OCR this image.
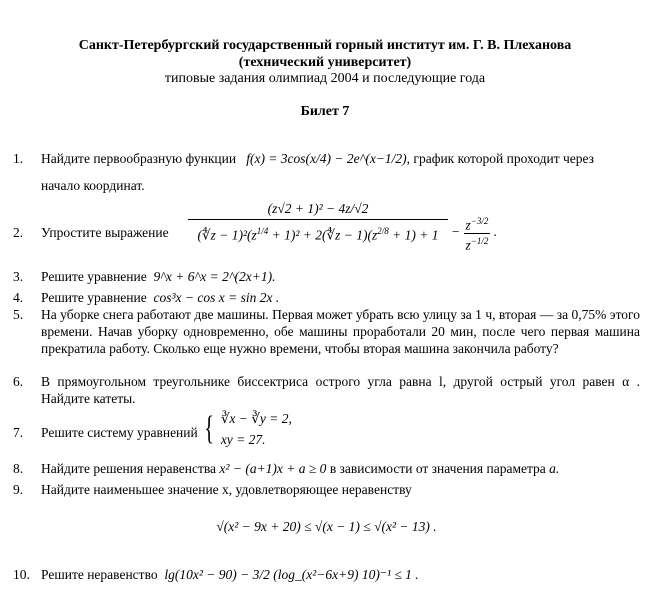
Санкт-Петербургский государственный горный институт им. Г. В. Плеханова
(технический университет)
типовые задания олимпиад 2004 и последующие года
Билет 7
1.	Найдите первообразную функции f(x) = 3cos(x/4) − 2e^(x−1/2), график которой проходит через
начало координат.
2.	Упростите выражение
(z√2 + 1)² − 4z/√2
(∜z − $1)^2(z^{1/4} + 1)^2$ + 2(∜z − $1)(z^{2/8} + 1) + 1 - \frac{z^{-3/2}}{z^{-1/2}}$ .
3.	Решите уравнение 9^x + 6^x = 2^(2x+1).
4.	Решите уравнение cos³x − cos x = sin 2x .
5.	На уборке снега работают две машины. Первая может убрать всю улицу за 1 ч, вторая — за 0,75% этого времени. Начав уборку одновременно, обе машины проработали 20 мин, после чего первая машина прекратила работу. Сколько еще нужно времени, чтобы вторая машина закончила работу?
6.	В прямоугольном треугольнике биссектриса острого угла равна l, другой острый угол равен α . Найдите катеты.
7.	Решите систему уравнений { ∛x − ∛y = 2,
xy = 27.
8.	Найдите решения неравенства x² − (a+1)x + a ≥ 0 в зависимости от значения параметра a.
9.	Найдите наименьшее значение x, удовлетворяющее неравенству
√(x² − 9x + 20) ≤ √(x − 1) ≤ √(x² − 13) .
10. Решите неравенство lg(10x² − 90) − 3/2 (log_(x²−6x+9) 10)⁻¹ ≤ 1 .
